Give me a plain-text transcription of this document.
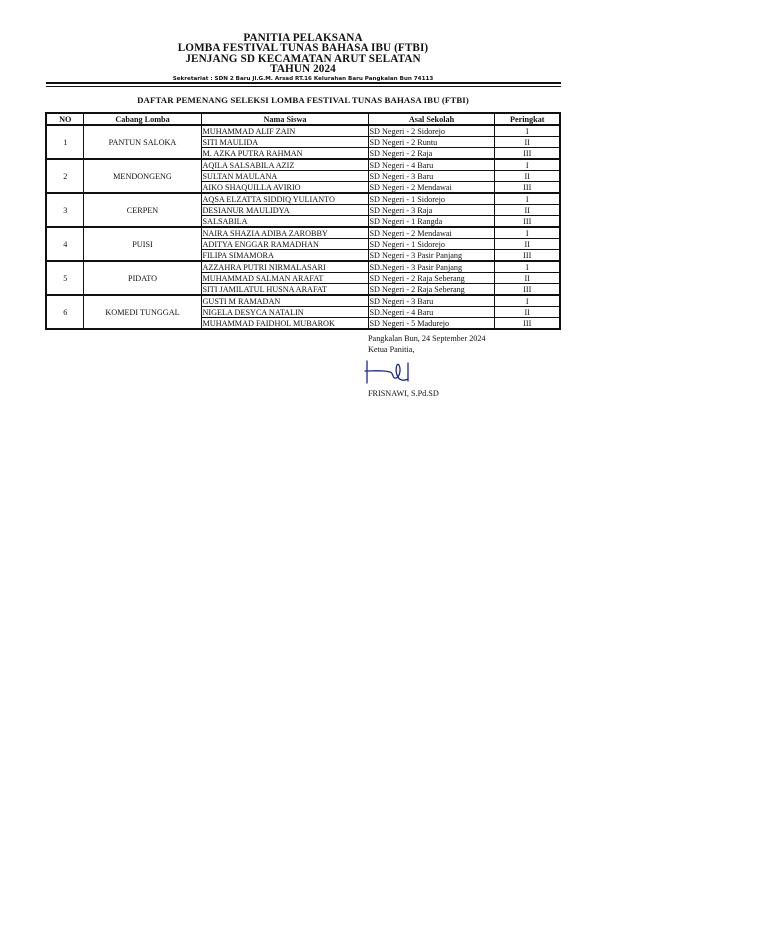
PANITIA PELAKSANA
LOMBA FESTIVAL TUNAS BAHASA IBU (FTBI)
JENJANG SD KECAMATAN ARUT SELATAN
TAHUN 2024
Sekretariat : SDN 2 Baru Jl.G.M. Arsad RT.16 Kelurahan Baru Pangkalan Bun 74113
DAFTAR PEMENANG SELEKSI LOMBA FESTIVAL TUNAS BAHASA IBU (FTBI)
NO	Cabang Lomba	Nama Siswa	Asal Sekolah	Peringkat
1	PANTUN SALOKA	MUHAMMAD ALIF ZAIN	SD Negeri - 2 Sidorejo	I
		SITI MAULIDA	SD Negeri - 2 Runtu	II
		M. AZKA PUTRA RAHMAN	SD Negeri - 2 Raja	III
2	MENDONGENG	AQILA SALSABILA AZIZ	SD Negeri - 4 Baru	I
		SULTAN MAULANA	SD Negeri - 3 Baru	II
		AIKO SHAQUILLA AVIRIO	SD Negeri - 2 Mendawai	III
3	CERPEN	AQSA ELZATTA SIDDIQ YULIANTO	SD Negeri - 1 Sidorejo	I
		DESIANUR MAULIDYA	SD Negeri - 3 Raja	II
		SALSABILA	SD Negeri - 1 Rangda	III
4	PUISI	NAIRA SHAZIA ADIBA ZAROBBY	SD Negeri - 2 Mendawai	I
		ADITYA ENGGAR RAMADHAN	SD Negeri - 1 Sidorejo	II
		FILIPA SIMAMORA	SD Negeri - 3 Pasir Panjang	III
5	PIDATO	AZZAHRA PUTRI NIRMALASARI	SD.Negeri - 3 Pasir Panjang	I
		MUHAMMAD SALMAN ARAFAT	SD Negeri - 2 Raja Seberang	II
		SITI JAMILATUL HUSNA ARAFAT	SD Negeri - 2 Raja Seberang	III
6	KOMEDI TUNGGAL	GUSTI M RAMADAN	SD Negeri - 3 Baru	I
		NIGELA DESYCA NATALIN	SD.Negeri - 4 Baru	II
		MUHAMMAD FAIDHOL MUBAROK	SD Negeri - 5 Madurejo	III
Pangkalan Bun, 24 September 2024
Ketua Panitia,
FRISNAWI, S.Pd.SD
